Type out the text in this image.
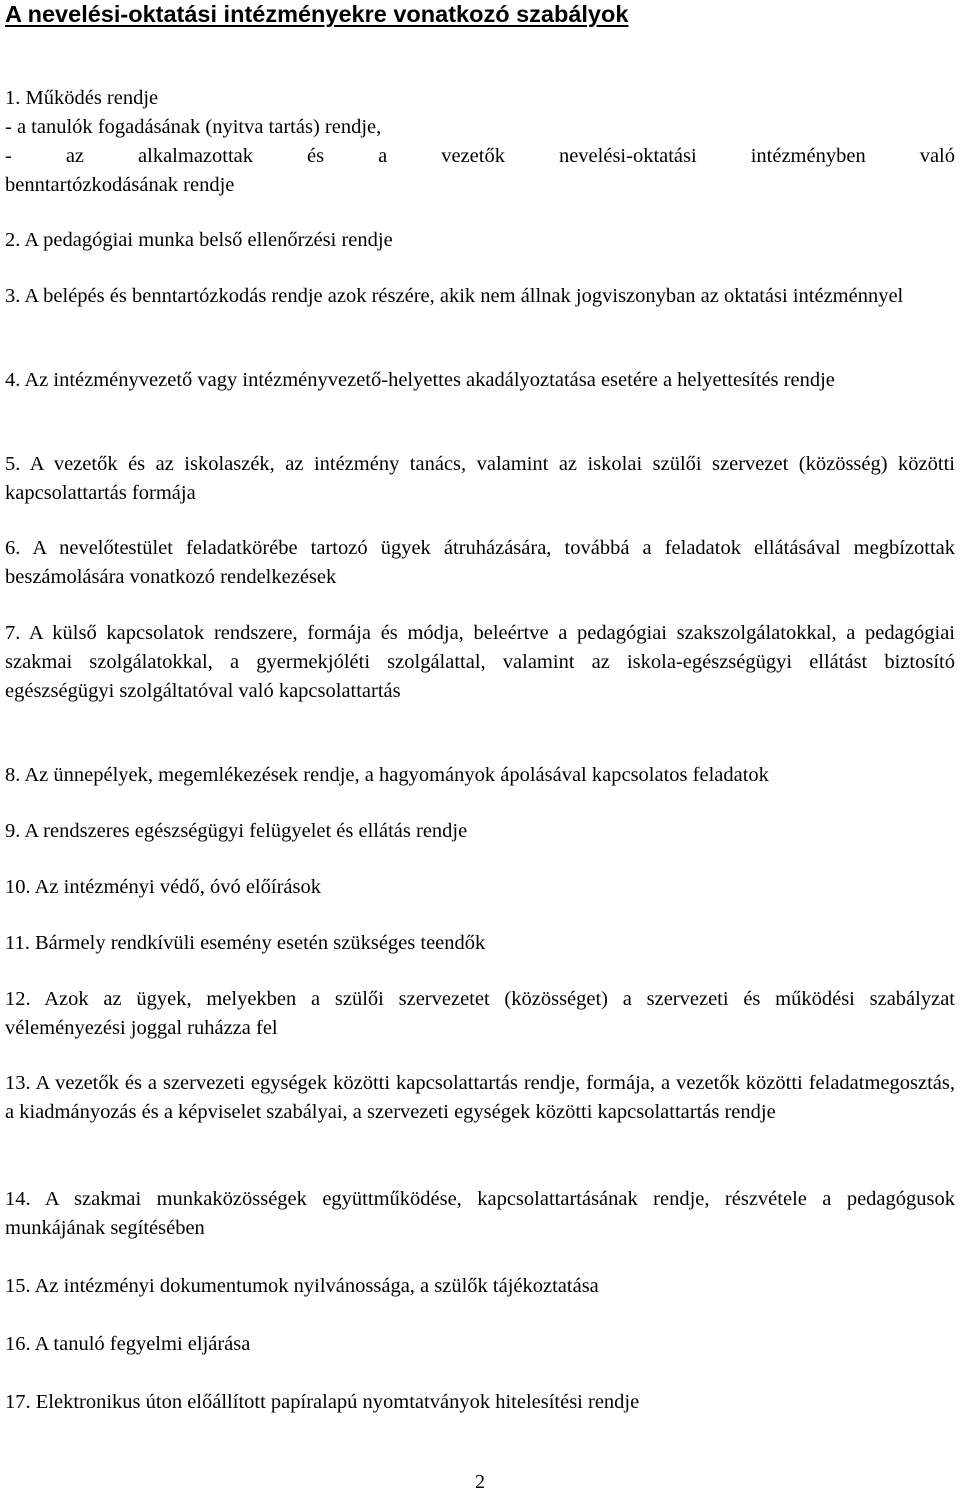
A nevelési-oktatási intézményekre vonatkozó szabályok

1. Működés rendje

- a tanulók fogadásának (nyitva tartás) rendje,

- az alkalmazottak és a vezetők nevelési-oktatási intézményben való

benntartózkodásának rendje

2. A pedagógiai munka belső ellenőrzési rendje

3. A belépés és benntartózkodás rendje azok részére, akik nem állnak jogviszonyban az oktatási intézménnyel

4. Az intézményvezető vagy intézményvezető-helyettes akadályoztatása esetére a helyettesítés rendje

5. A vezetők és az iskolaszék, az intézmény tanács, valamint az iskolai szülői szervezet (közösség) közötti kapcsolattartás formája

6. A nevelőtestület feladatkörébe tartozó ügyek átruházására, továbbá a feladatok ellátásával megbízottak beszámolására vonatkozó rendelkezések

7. A külső kapcsolatok rendszere, formája és módja, beleértve a pedagógiai szakszolgálatokkal, a pedagógiai szakmai szolgálatokkal, a gyermekjóléti szolgálattal, valamint az iskola-egészségügyi ellátást biztosító egészségügyi szolgáltatóval való kapcsolattartás

8. Az ünnepélyek, megemlékezések rendje, a hagyományok ápolásával kapcsolatos feladatok

9. A rendszeres egészségügyi felügyelet és ellátás rendje

10. Az intézményi védő, óvó előírások

11. Bármely rendkívüli esemény esetén szükséges teendők

12. Azok az ügyek, melyekben a szülői szervezetet (közösséget) a szervezeti és működési szabályzat véleményezési joggal ruházza fel

13. A vezetők és a szervezeti egységek közötti kapcsolattartás rendje, formája, a vezetők közötti feladatmegosztás, a kiadmányozás és a képviselet szabályai, a szervezeti egységek közötti kapcsolattartás rendje

14. A szakmai munkaközösségek együttműködése, kapcsolattartásának rendje, részvétele a pedagógusok munkájának segítésében

15. Az intézményi dokumentumok nyilvánossága, a szülők tájékoztatása

16. A tanuló fegyelmi eljárása

17. Elektronikus úton előállított papíralapú nyomtatványok hitelesítési rendje

2
